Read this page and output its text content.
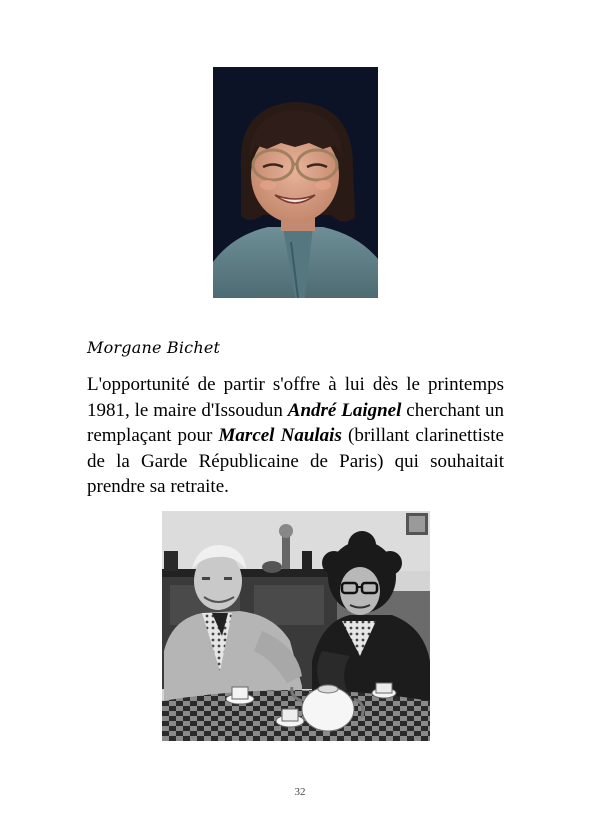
Morgane Bichet

L'opportunité de partir s'offre à lui dès le printemps 1981, le maire d'Issoudun André Laignel cherchant un remplaçant pour Marcel Naulais (brillant clarinettiste de la Garde Républicaine de Paris) qui souhaitait prendre sa retraite.

32
